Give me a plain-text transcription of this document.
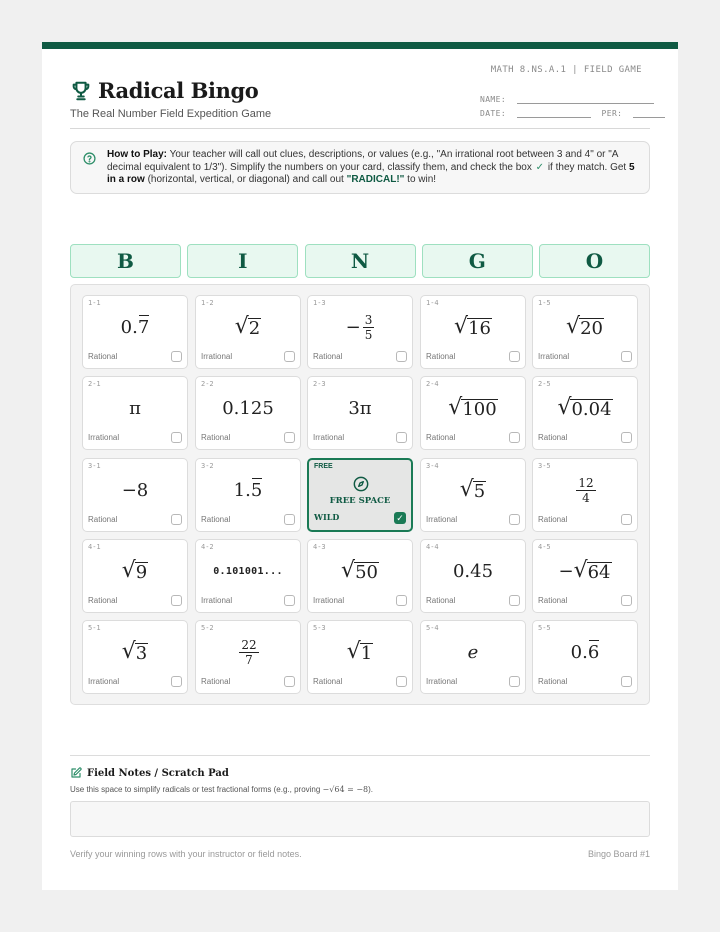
MATH 8.NS.A.1 | FIELD GAME
Radical Bingo
The Real Number Field Expedition Game
NAME:
DATE:	PER:
How to Play: Your teacher will call out clues, descriptions, or values (e.g., "An irrational root between 3 and 4" or "A decimal equivalent to 1/3"). Simplify the numbers on your card, classify them, and check the box ✓ if they match. Get 5 in a row (horizontal, vertical, or diagonal) and call out "RADICAL!" to win!
B	I	N	G	O
1-1
0. 7
Rational
1-2
√ 2
Irrational
1-3
− $\frac{3}{5}$
Rational
1-4
√ 16
Rational
1-5
√ 20
Irrational
2-1
π
Irrational
2-2
0.125
Rational
2-3
3π
Irrational
2-4
√ 100
Rational
2-5
√ 0.04
Rational
3-1
−8
Rational
3-2
1. 5
Rational
FREE
FREE SPACE
WILD	✓
3-4
√ 5
Irrational
3-5
$\frac{12}{4}$
Rational
4-1
√ 9
Rational
4-2
0.101001...
Irrational
4-3
√ 50
Irrational
4-4
0.45
Rational
4-5
− √ 64
Rational
5-1
√ 3
Irrational
5-2
$\frac{22}{7}$
Rational
5-3
√ 1
Rational
5-4
e
Irrational
5-5
0. 6
Rational
Field Notes / Scratch Pad
Use this space to simplify radicals or test fractional forms (e.g., proving −√64 = −8).
Verify your winning rows with your instructor or field notes.	Bingo Board #1
